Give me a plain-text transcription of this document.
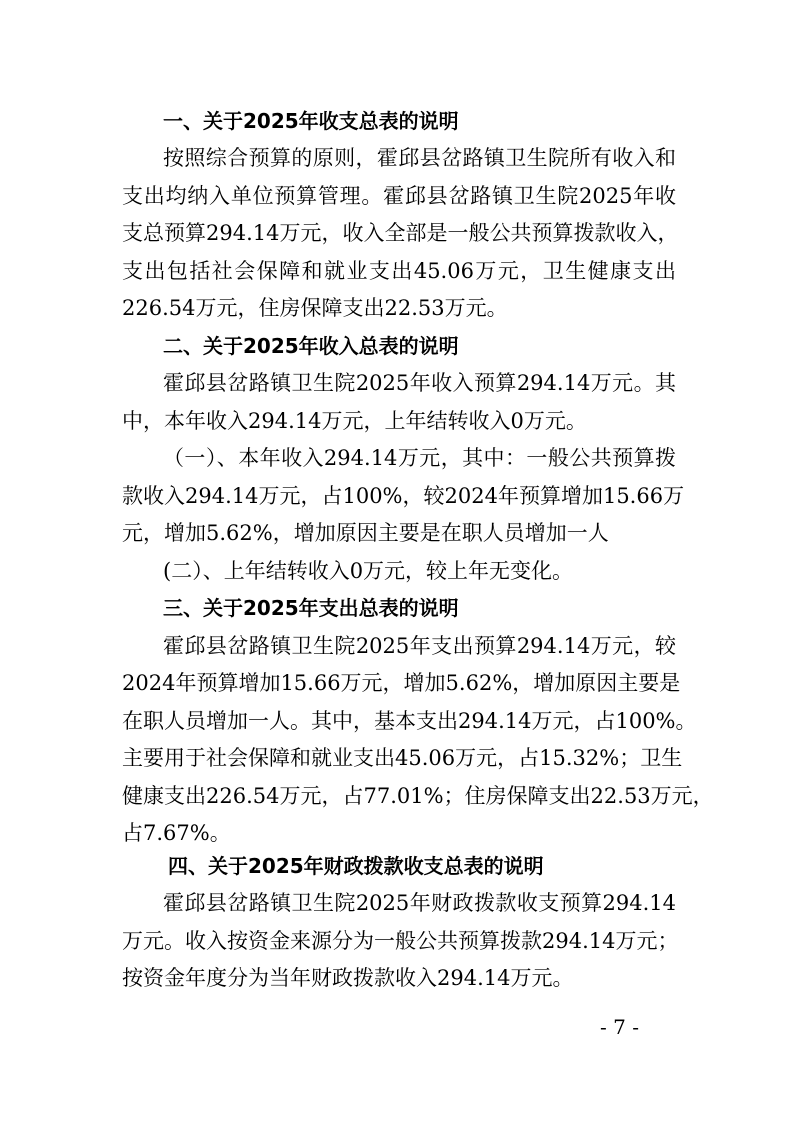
一、关于2025年收支总表的说明
按照综合预算的原则，霍邱县岔路镇卫生院所有收入和
支出均纳入单位预算管理。霍邱县岔路镇卫生院2025年收
支总预算294.14万元，收入全部是一般公共预算拨款收入，
支出包括社会保障和就业支出45.06万元，卫生健康支出
226.54万元，住房保障支出22.53万元。
二、关于2025年收入总表的说明
霍邱县岔路镇卫生院2025年收入预算294.14万元。其
中，本年收入294.14万元，上年结转收入0万元。
（一）、本年收入294.14万元，其中：一般公共预算拨
款收入294.14万元，占100%，较2024年预算增加15.66万
元，增加5.62%，增加原因主要是在职人员增加一人
(二）、上年结转收入0万元，较上年无变化。
三、关于2025年支出总表的说明
霍邱县岔路镇卫生院2025年支出预算294.14万元，较
2024年预算增加15.66万元，增加5.62%，增加原因主要是
在职人员增加一人。其中，基本支出294.14万元，占100%。
主要用于社会保障和就业支出45.06万元，占15.32%；卫生
健康支出226.54万元，占77.01%；住房保障支出22.53万元，
占7.67%。
四、关于2025年财政拨款收支总表的说明
霍邱县岔路镇卫生院2025年财政拨款收支预算294.14
万元。收入按资金来源分为一般公共预算拨款294.14万元；
按资金年度分为当年财政拨款收入294.14万元。
- 7 -
